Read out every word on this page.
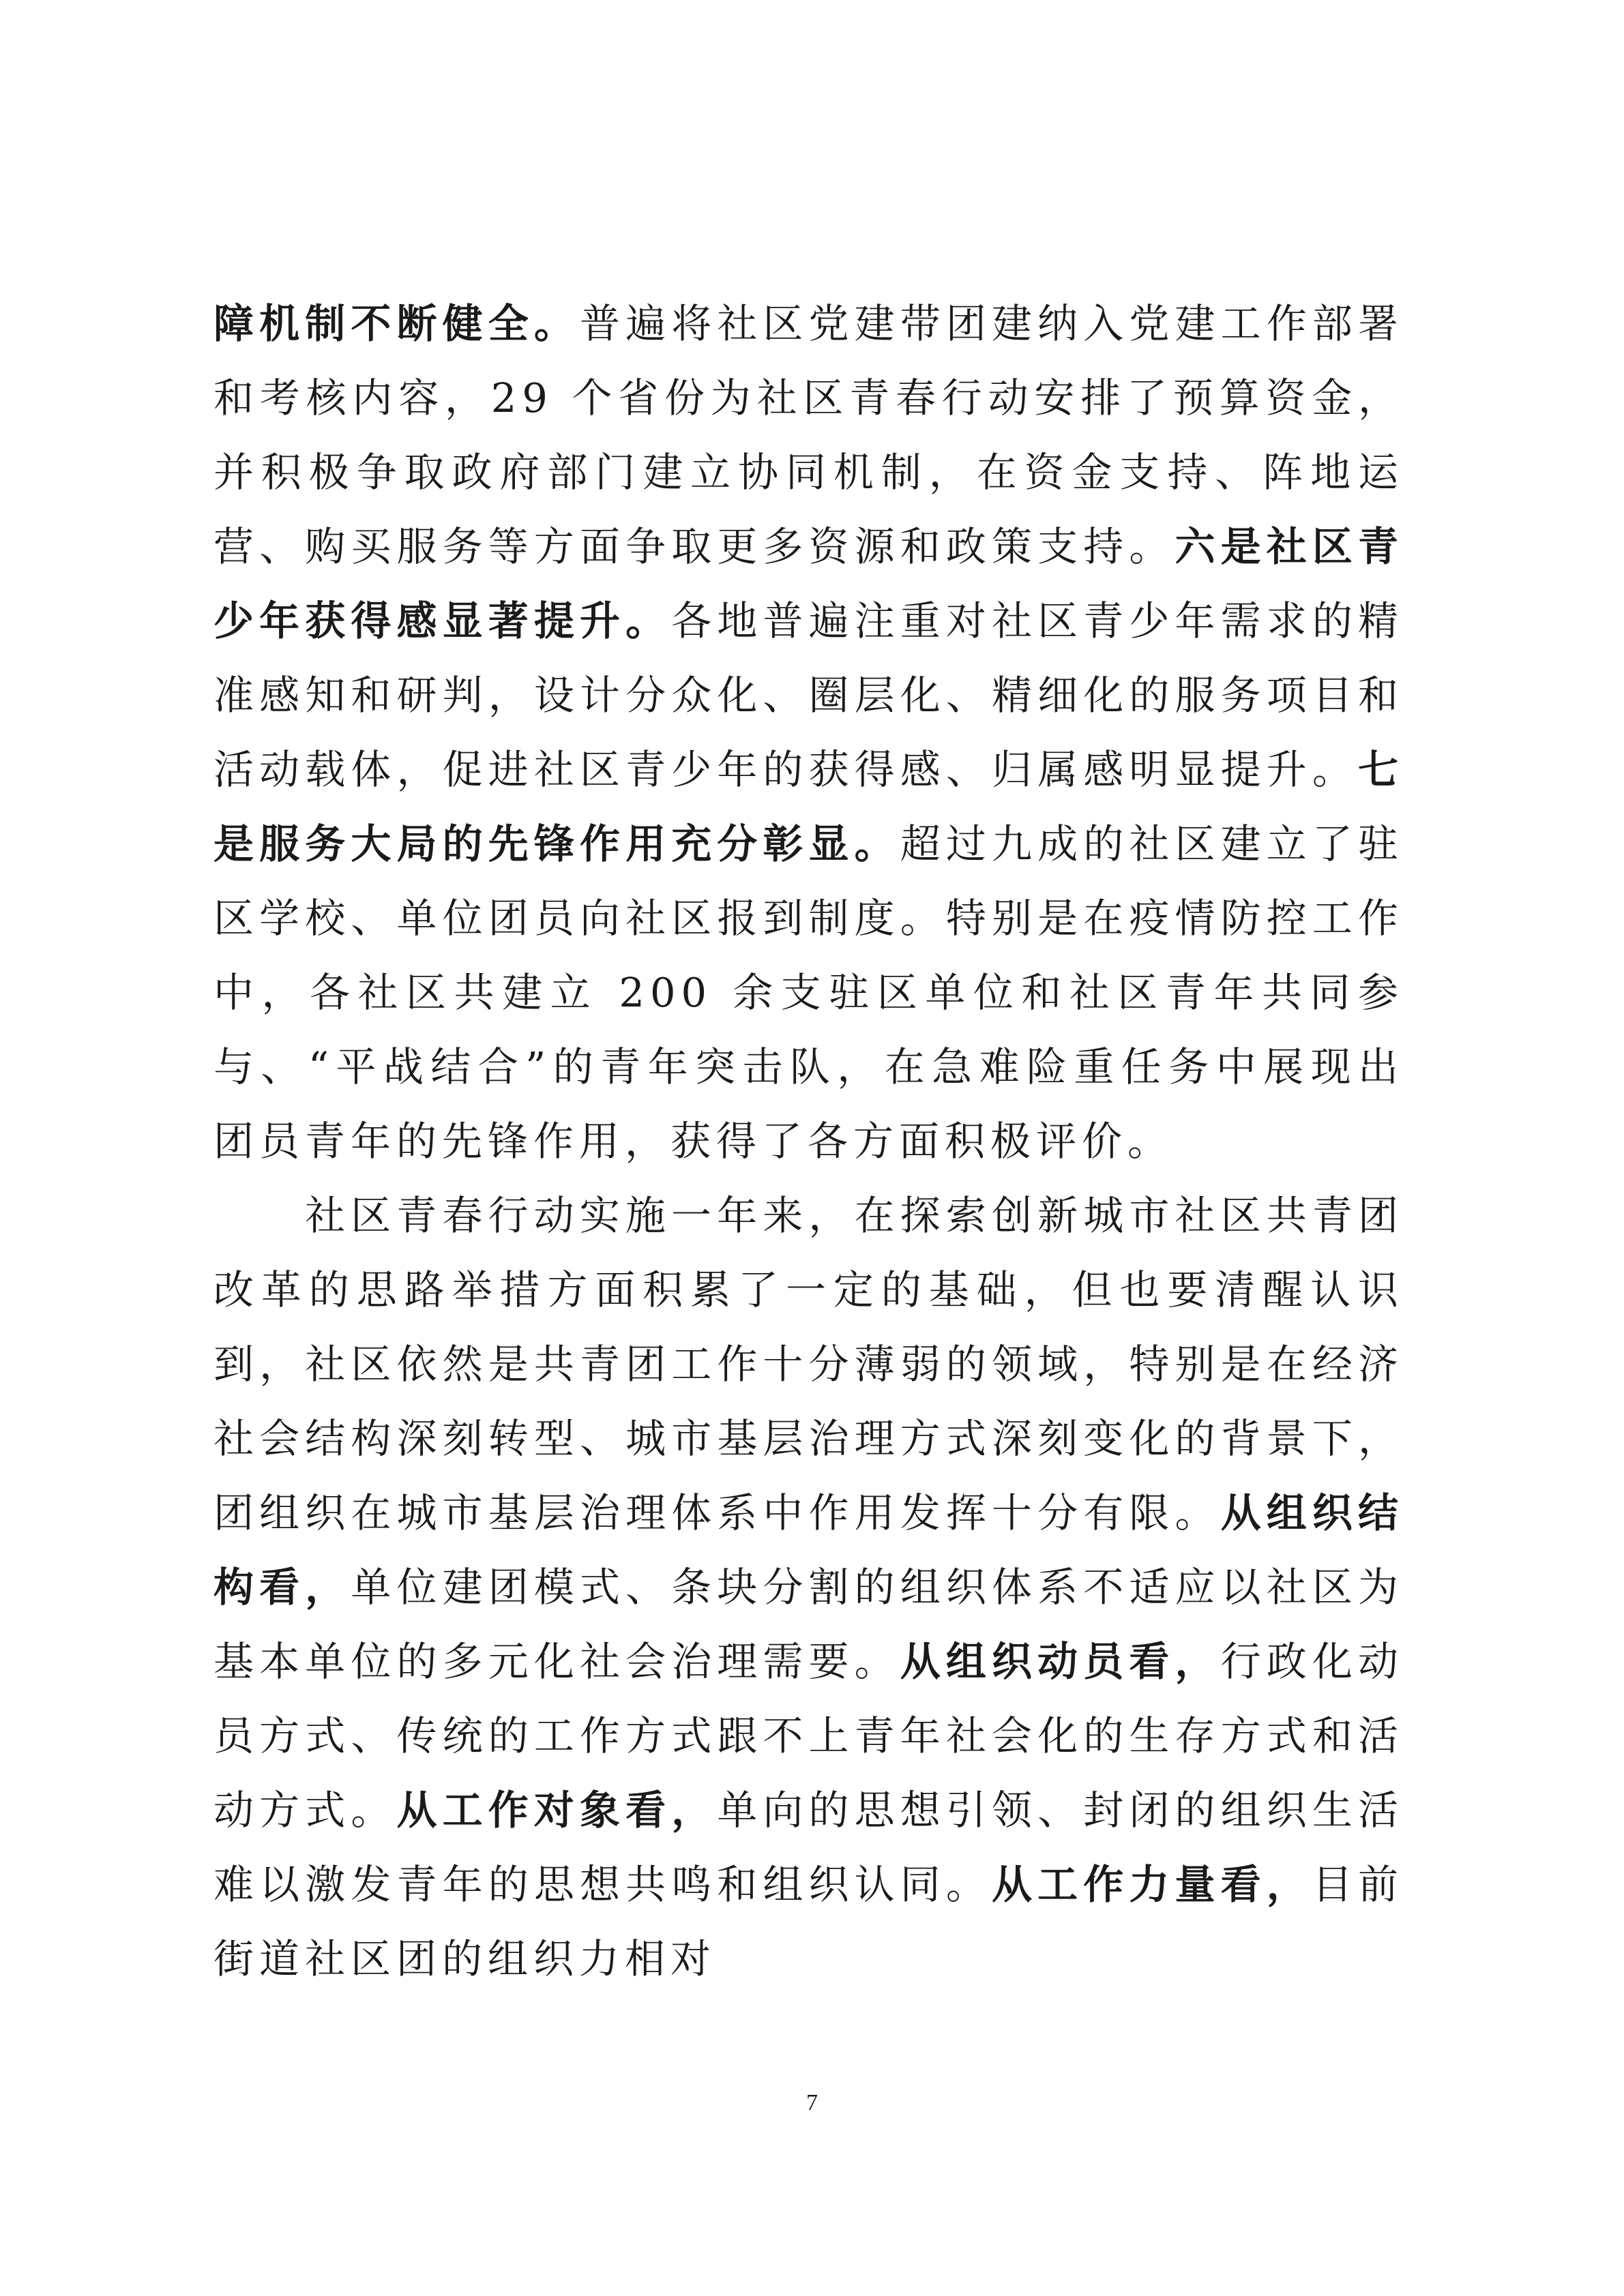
障机制不断健全。普遍将社区党建带团建纳入党建工作部署和考核内容，29 个省份为社区青春行动安排了预算资金，并积极争取政府部门建立协同机制，在资金支持、阵地运营、购买服务等方面争取更多资源和政策支持。六是社区青少年获得感显著提升。各地普遍注重对社区青少年需求的精准感知和研判，设计分众化、圈层化、精细化的服务项目和活动载体，促进社区青少年的获得感、归属感明显提升。七是服务大局的先锋作用充分彰显。超过九成的社区建立了驻区学校、单位团员向社区报到制度。特别是在疫情防控工作中，各社区共建立 200 余支驻区单位和社区青年共同参与、“平战结合”的青年突击队，在急难险重任务中展现出团员青年的先锋作用，获得了各方面积极评价。

社区青春行动实施一年来，在探索创新城市社区共青团改革的思路举措方面积累了一定的基础，但也要清醒认识到，社区依然是共青团工作十分薄弱的领域，特别是在经济社会结构深刻转型、城市基层治理方式深刻变化的背景下，团组织在城市基层治理体系中作用发挥十分有限。从组织结构看，单位建团模式、条块分割的组织体系不适应以社区为基本单位的多元化社会治理需要。从组织动员看，行政化动员方式、传统的工作方式跟不上青年社会化的生存方式和活动方式。从工作对象看，单向的思想引领、封闭的组织生活难以激发青年的思想共鸣和组织认同。从工作力量看，目前街道社区团的组织力相对

7
